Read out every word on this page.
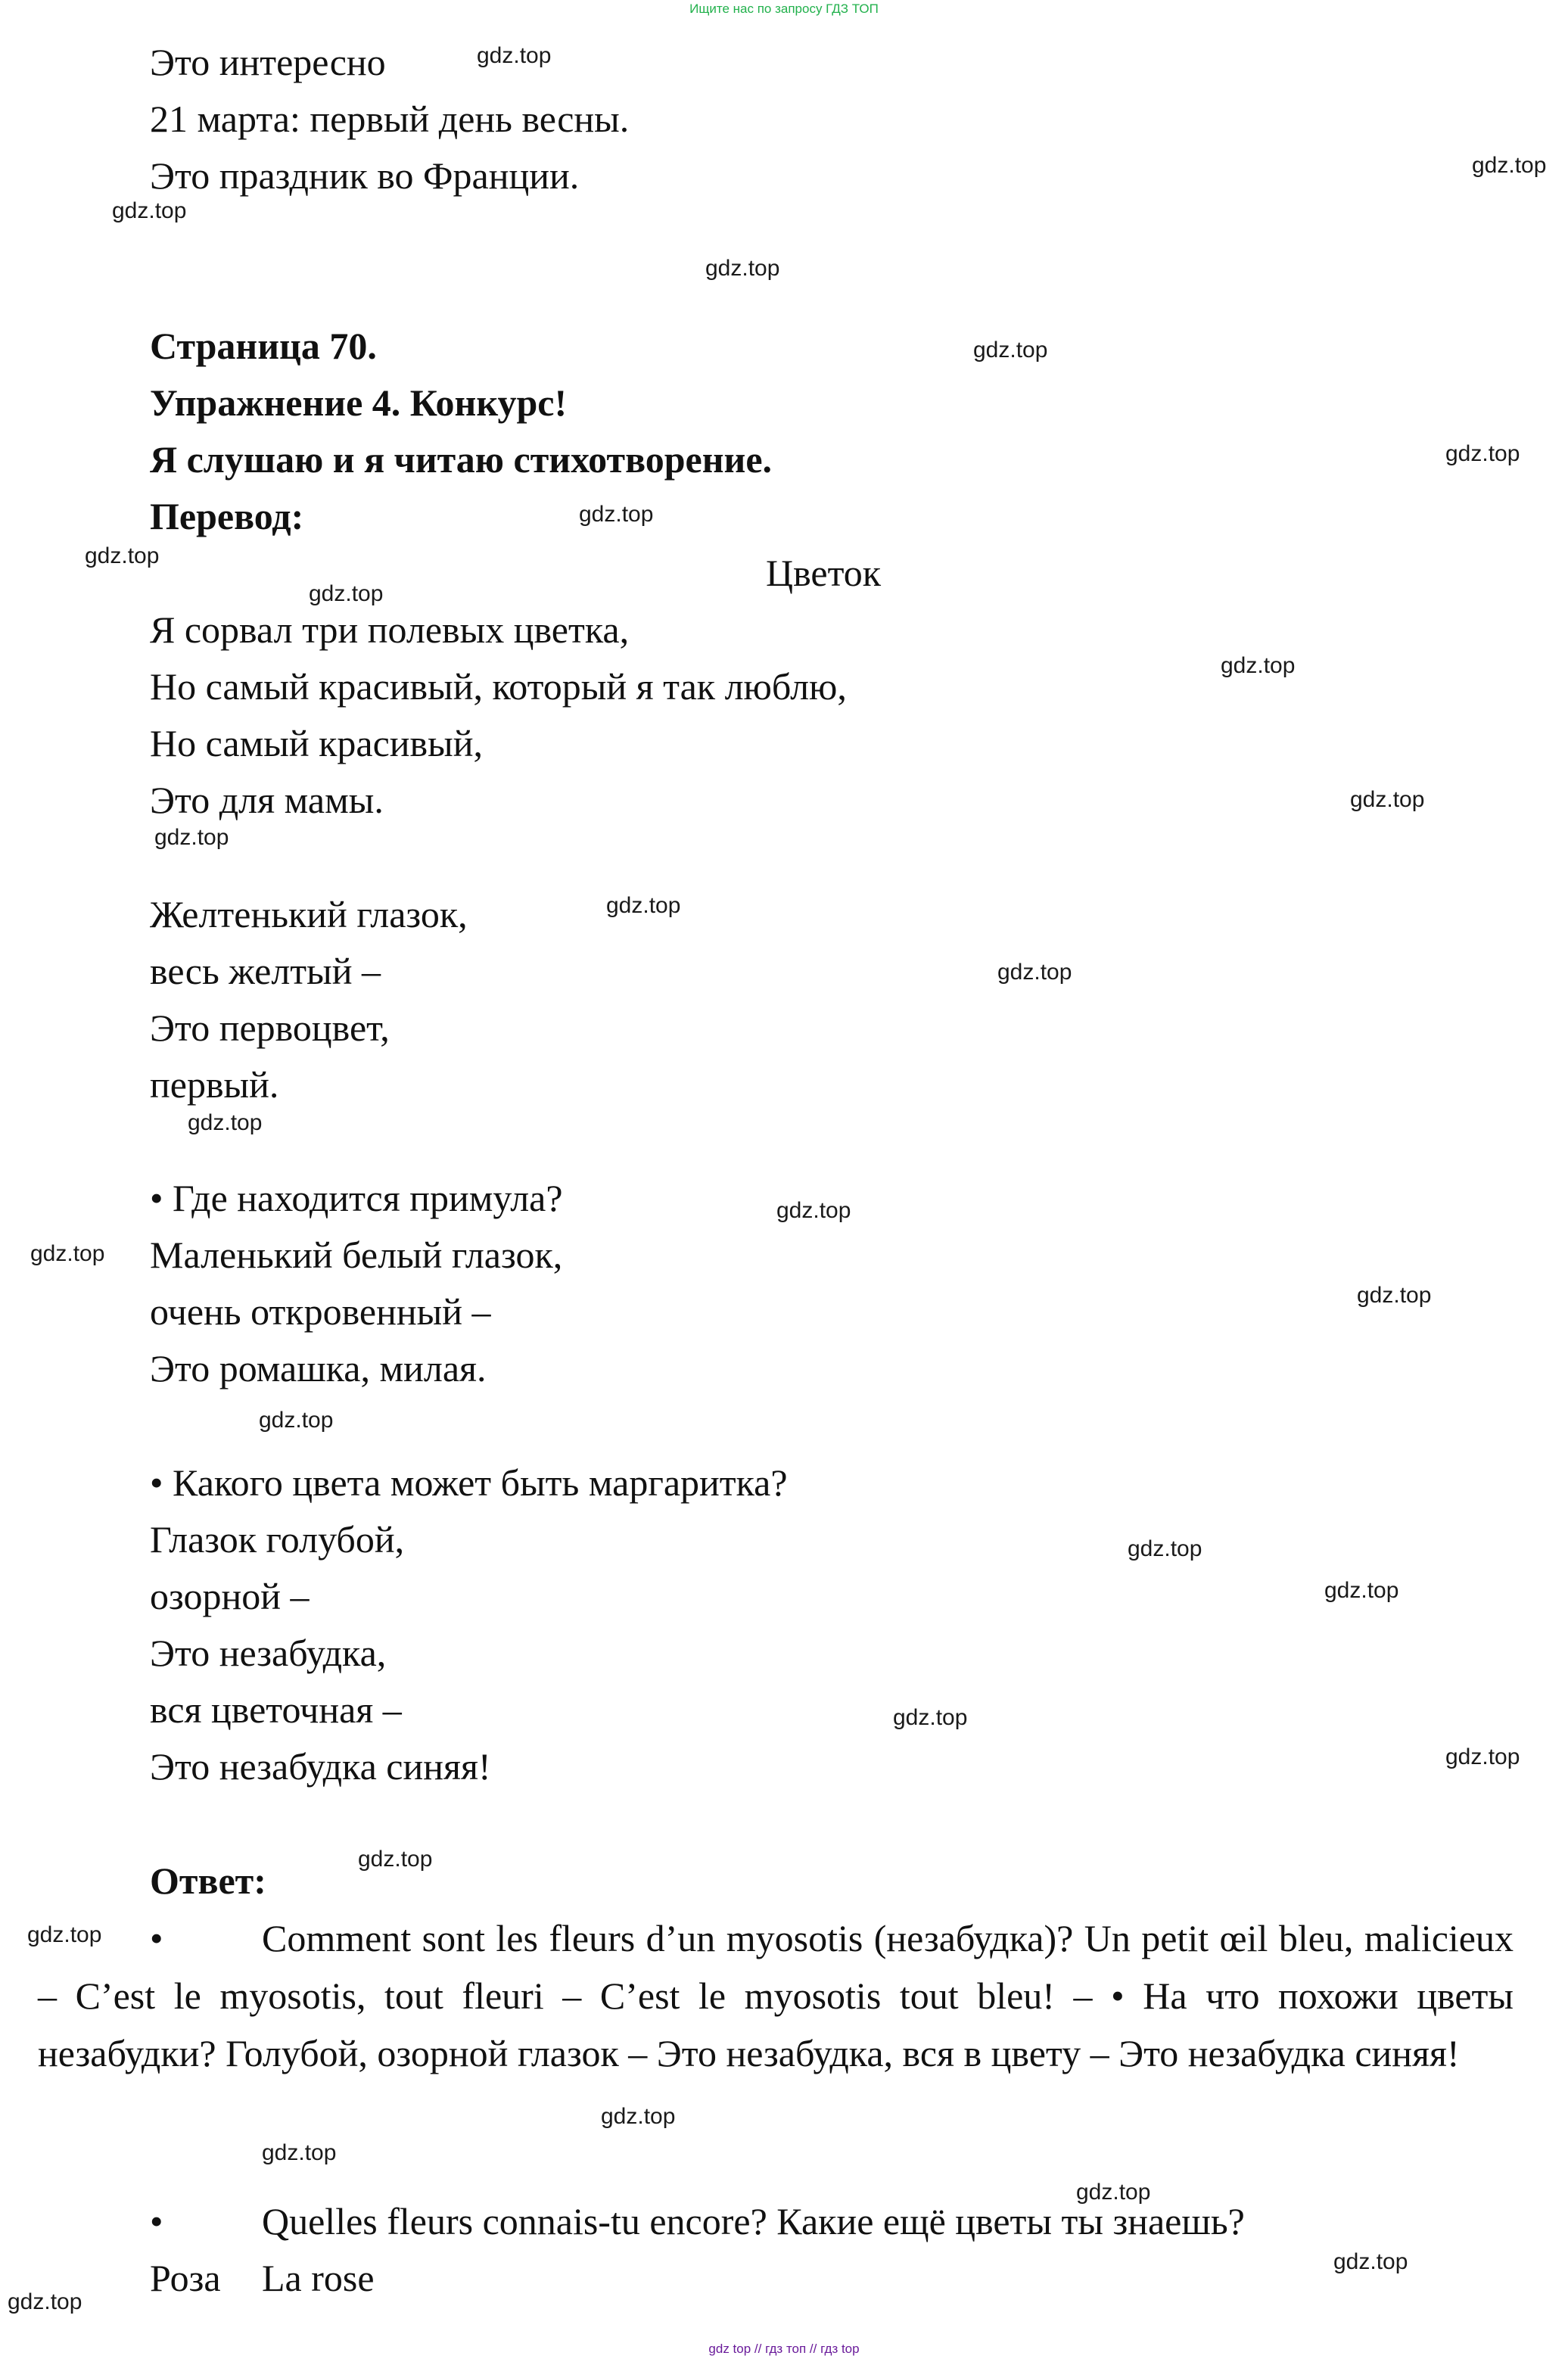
Ищите нас по запросу ГДЗ ТОП
Это интересно
21 марта: первый день весны.
Это праздник во Франции.
Страница 70.
Упражнение 4. Конкурс!
Я слушаю и я читаю стихотворение.
Перевод:
Цветок
Я сорвал три полевых цветка,
Но самый красивый, который я так люблю,
Но самый красивый,
Это для мамы.
Желтенький глазок,
весь желтый –
Это первоцвет,
первый.
• Где находится примула?
Маленький белый глазок,
очень откровенный –
Это ромашка, милая.
• Какого цвета может быть маргаритка?
Глазок голубой,
озорной –
Это незабудка,
вся цветочная –
Это незабудка синяя!
Ответ:
•	Comment sont les fleurs d’un myosotis (незабудка)? Un petit œil bleu, malicieux – C’est le myosotis, tout fleuri – C’est le myosotis tout bleu! – • На что похожи цветы незабудки? Голубой, озорной глазок – Это незабудка, вся в цвету – Это незабудка синяя!
•	Quelles fleurs connais-tu encore? Какие ещё цветы ты знаешь?
Роза La rose
gdz.top
gdz.top
gdz.top
gdz.top
gdz.top
gdz.top
gdz.top
gdz.top
gdz.top
gdz.top
gdz.top
gdz.top
gdz.top
gdz.top
gdz.top
gdz.top
gdz.top
gdz.top
gdz.top
gdz.top
gdz.top
gdz.top
gdz.top
gdz.top
gdz.top
gdz.top
gdz.top
gdz.top
gdz.top
gdz.top
gdz top // гдз топ // гдз top
